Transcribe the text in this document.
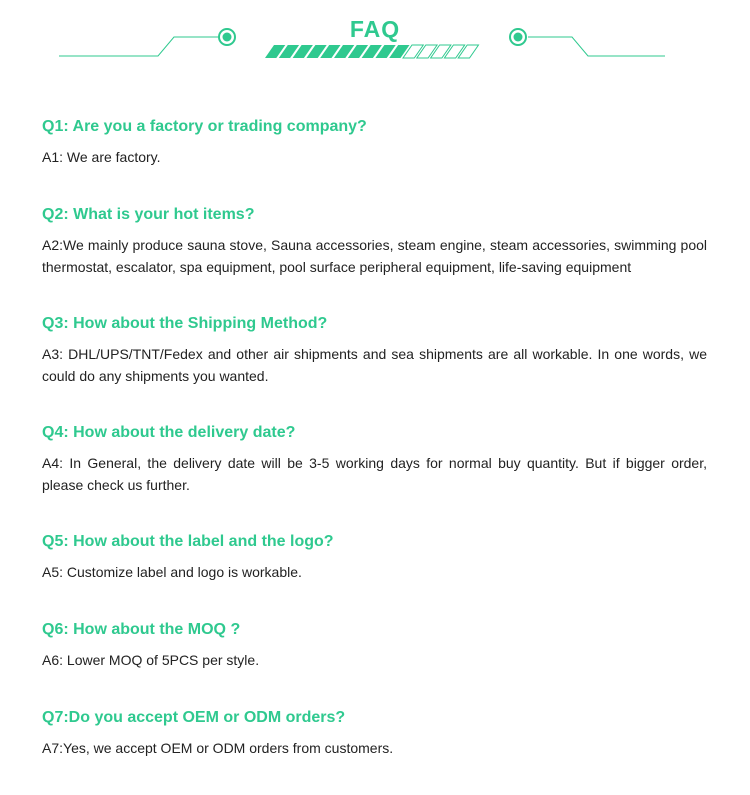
FAQ

Q1: Are you a factory or trading company?

A1: We are factory.

Q2: What is your hot items?

A2:We mainly produce sauna stove, Sauna accessories, steam engine, steam accessories, swimming pool thermostat, escalator, spa equipment, pool surface peripheral equipment, life-saving equipment

Q3: How about the Shipping Method?

A3: DHL/UPS/TNT/Fedex and other air shipments and sea shipments are all workable. In one words, we could do any shipments you wanted.

Q4: How about the delivery date?

A4: In General, the delivery date will be 3-5 working days for normal buy quantity. But if bigger order, please check us further.

Q5: How about the label and the logo?

A5: Customize label and logo is workable.

Q6: How about the MOQ ?

A6: Lower MOQ of 5PCS per style.

Q7:Do you accept OEM or ODM orders?

A7:Yes, we accept OEM or ODM orders from customers.
